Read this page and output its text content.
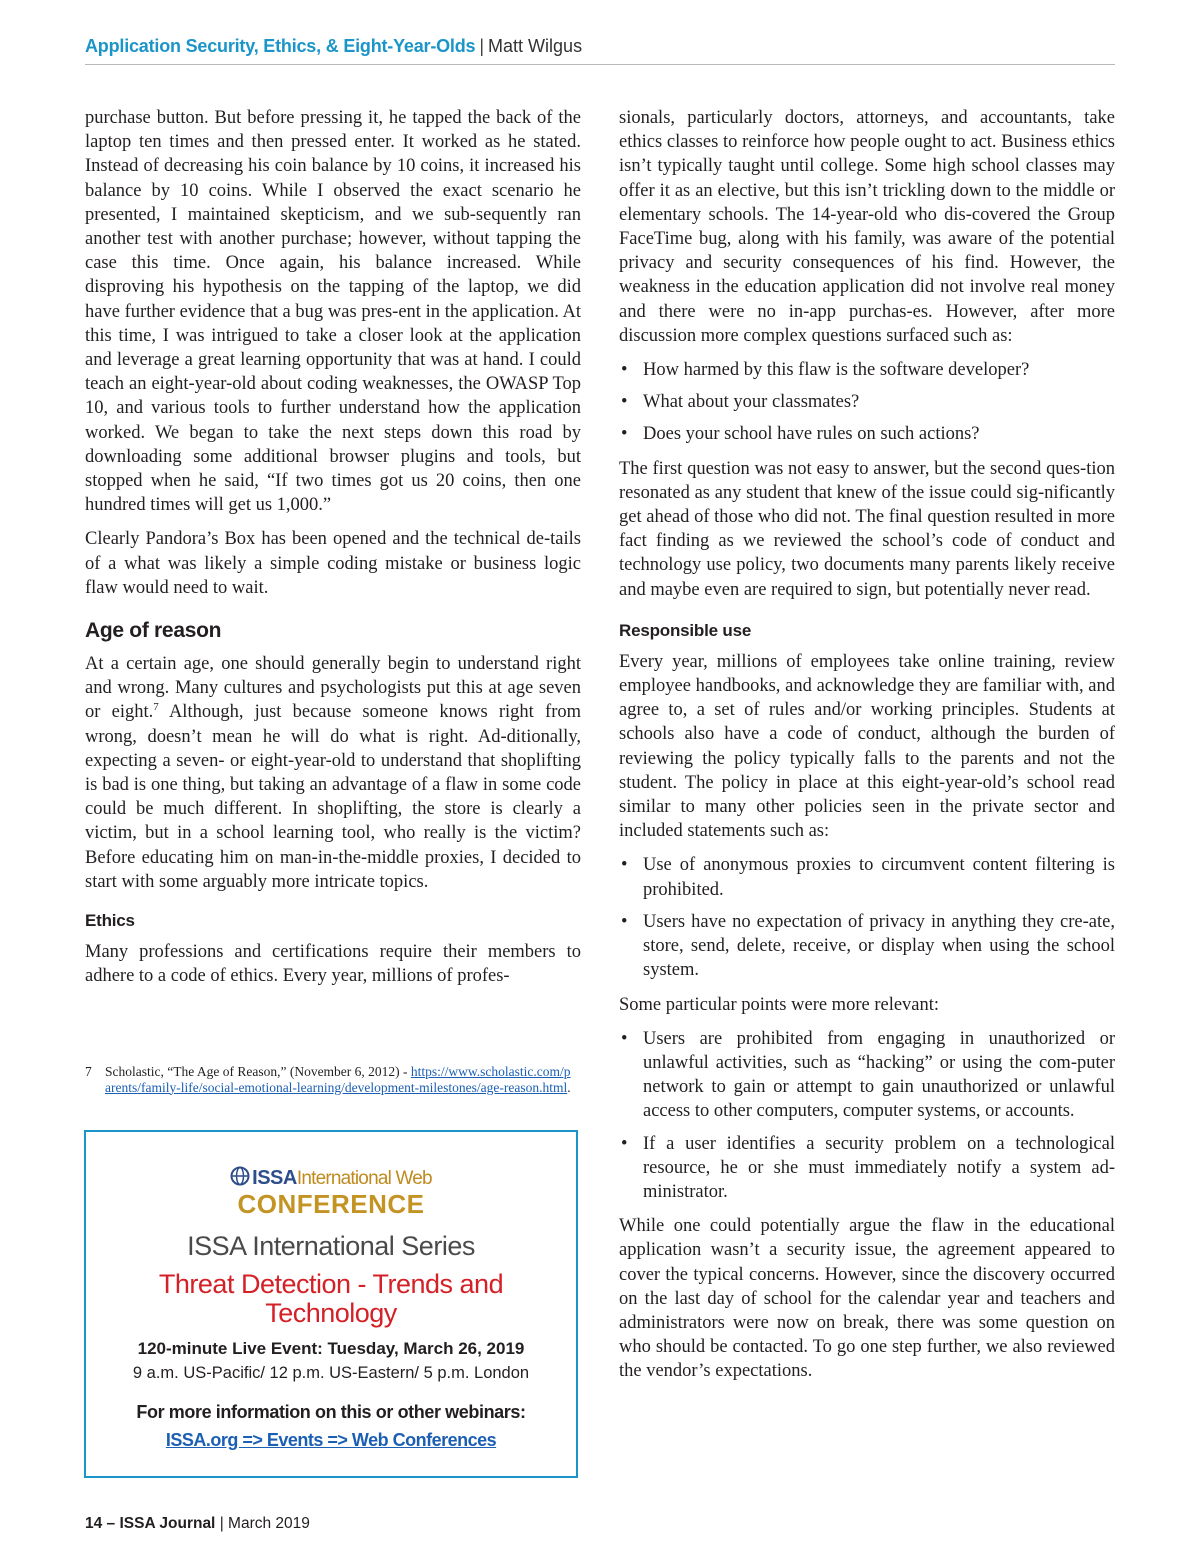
Application Security, Ethics, & Eight-Year-Olds | Matt Wilgus

purchase button. But before pressing it, he tapped the back of the laptop ten times and then pressed enter. It worked as he stated. Instead of decreasing his coin balance by 10 coins, it increased his balance by 10 coins. While I observed the exact scenario he presented, I maintained skepticism, and we sub-sequently ran another test with another purchase; however, without tapping the case this time. Once again, his balance increased. While disproving his hypothesis on the tapping of the laptop, we did have further evidence that a bug was pres-ent in the application. At this time, I was intrigued to take a closer look at the application and leverage a great learning opportunity that was at hand. I could teach an eight-year-old about coding weaknesses, the OWASP Top 10, and various tools to further understand how the application worked. We began to take the next steps down this road by downloading some additional browser plugins and tools, but stopped when he said, “If two times got us 20 coins, then one hundred times will get us 1,000.”

Clearly Pandora’s Box has been opened and the technical de-tails of a what was likely a simple coding mistake or business logic flaw would need to wait.

Age of reason

At a certain age, one should generally begin to understand right and wrong. Many cultures and psychologists put this at age seven or eight.$^7$ Although, just because someone knows right from wrong, doesn’t mean he will do what is right. Ad-ditionally, expecting a seven- or eight-year-old to understand that shoplifting is bad is one thing, but taking an advantage of a flaw in some code could be much different. In shoplifting, the store is clearly a victim, but in a school learning tool, who really is the victim? Before educating him on man-in-the-middle proxies, I decided to start with some arguably more intricate topics.

Ethics

Many professions and certifications require their members to adhere to a code of ethics. Every year, millions of profes-

7 Scholastic, “The Age of Reason,” (November 6, 2012) - https://www.scholastic.com/parents/family-life/social-emotional-learning/development-milestones/age-reason.html.
ISSAInternational Web
CONFERENCE
ISSA International Series
Threat Detection - Trends and
Technology
120-minute Live Event: Tuesday, March 26, 2019
9 a.m. US-Pacific/ 12 p.m. US-Eastern/ 5 p.m. London
For more information on this or other webinars:
ISSA.org => Events => Web Conferences

sionals, particularly doctors, attorneys, and accountants, take ethics classes to reinforce how people ought to act. Business ethics isn’t typically taught until college. Some high school classes may offer it as an elective, but this isn’t trickling down to the middle or elementary schools. The 14-year-old who dis-covered the Group FaceTime bug, along with his family, was aware of the potential privacy and security consequences of his find. However, the weakness in the education application did not involve real money and there were no in-app purchas-es. However, after more discussion more complex questions surfaced such as:

• How harmed by this flaw is the software developer?
• What about your classmates?
• Does your school have rules on such actions?

The first question was not easy to answer, but the second ques-tion resonated as any student that knew of the issue could sig-nificantly get ahead of those who did not. The final question resulted in more fact finding as we reviewed the school’s code of conduct and technology use policy, two documents many parents likely receive and maybe even are required to sign, but potentially never read.

Responsible use

Every year, millions of employees take online training, review employee handbooks, and acknowledge they are familiar with, and agree to, a set of rules and/or working principles. Students at schools also have a code of conduct, although the burden of reviewing the policy typically falls to the parents and not the student. The policy in place at this eight-year-old’s school read similar to many other policies seen in the private sector and included statements such as:

• Use of anonymous proxies to circumvent content filtering is prohibited.
• Users have no expectation of privacy in anything they cre-ate, store, send, delete, receive, or display when using the school system.

Some particular points were more relevant:

• Users are prohibited from engaging in unauthorized or unlawful activities, such as “hacking” or using the com-puter network to gain or attempt to gain unauthorized or unlawful access to other computers, computer systems, or accounts.
• If a user identifies a security problem on a technological resource, he or she must immediately notify a system ad-ministrator.

While one could potentially argue the flaw in the educational application wasn’t a security issue, the agreement appeared to cover the typical concerns. However, since the discovery occurred on the last day of school for the calendar year and teachers and administrators were now on break, there was some question on who should be contacted. To go one step further, we also reviewed the vendor’s expectations.

14 – ISSA Journal | March 2019
